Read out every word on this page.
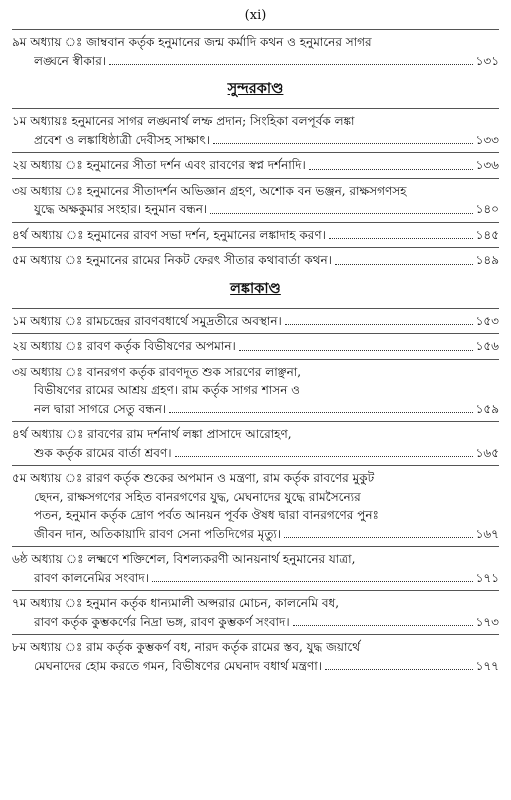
(xi)
৯ম অধ্যায় ঃ জাম্ববান কর্তৃক হনুমানের জন্ম কর্মাদি কথন ও হনুমানের সাগর
লঙ্ঘনে স্বীকার।	১৩১
সুন্দরকাণ্ড
১ম অধ্যায়ঃ হনুমানের সাগর লঙ্ঘনার্থ লম্ফ প্রদান; সিংহিকা বলপূর্বক লঙ্কা
প্রবেশ ও লঙ্কাধিষ্ঠাত্রী দেবীসহ সাক্ষাৎ।	১৩৩
২য় অধ্যায় ঃ হনুমানের সীতা দর্শন এবং রাবণের স্বপ্ন দর্শনাদি।	১৩৬
৩য় অধ্যায় ঃ হনুমানের সীতাদর্শন অভিজ্ঞান গ্রহণ, অশোক বন ভঞ্জন, রাক্ষসগণসহ
যুদ্ধে অক্ষকুমার সংহার। হনুমান বন্ধন।	১৪০
৪র্থ অধ্যায় ঃ হনুমানের রাবণ সভা দর্শন, হনুমানের লঙ্কাদাহ করণ।	১৪৫
৫ম অধ্যায় ঃ হনুমানের রামের নিকট ফেরৎ সীতার কথাবার্তা কথন।	১৪৯
লঙ্কাকাণ্ড
১ম অধ্যায় ঃ রামচন্দ্রের রাবণবধার্থে সমুদ্রতীরে অবস্থান।	১৫৩
২য় অধ্যায় ঃ রাবণ কর্তৃক বিভীষণের অপমান।	১৫৬
৩য় অধ্যায় ঃ বানরগণ কর্তৃক রাবণদূত শুক সারণের লাঞ্ছনা,
বিভীষণের রামের আশ্রয় গ্রহণ। রাম কর্তৃক সাগর শাসন ও
নল দ্বারা সাগরে সেতু বন্ধন।	১৫৯
৪র্থ অধ্যায় ঃ রাবণের রাম দর্শনার্থ লঙ্কা প্রাসাদে আরোহণ,
শুক কর্তৃক রামের বার্তা শ্রবণ।	১৬৫
৫ম অধ্যায় ঃ রারণ কর্তৃক শুকের অপমান ও মন্ত্রণা, রাম কর্তৃক রাবণের মুকুট
ছেদন, রাক্ষসগণের সহিত বানরগণের যুদ্ধ, মেঘনাদের যুদ্ধে রামসৈন্যের
পতন, হনুমান কর্তৃক দ্রোণ পর্বত আনয়ন পূর্বক ঔষধ দ্বারা বানরগণের পুনঃ
জীবন দান, অতিকায়াদি রাবণ সেনা পতিদিগের মৃত্যু।	১৬৭
৬ষ্ঠ অধ্যায় ঃ লক্ষ্মণে শক্তিশেল, বিশল্যকরণী আনয়নার্থ হনুমানের যাত্রা,
রাবণ কালনেমির সংবাদ।	১৭১
৭ম অধ্যায় ঃ হনুমান কর্তৃক ধান্যমালী অপ্সরার মোচন, কালনেমি বধ,
রাবণ কর্তৃক কুম্ভকর্ণের নিদ্রা ভঙ্গ, রাবণ কুম্ভকর্ণ সংবাদ।	১৭৩
৮ম অধ্যায় ঃ রাম কর্তৃক কুম্ভকর্ণ বধ, নারদ কর্তৃক রামের স্তব, যুদ্ধ জয়ার্থে
মেঘনাদের হোম করতে গমন, বিভীষণের মেঘনাদ বধার্থ মন্ত্রণা।	১৭৭
